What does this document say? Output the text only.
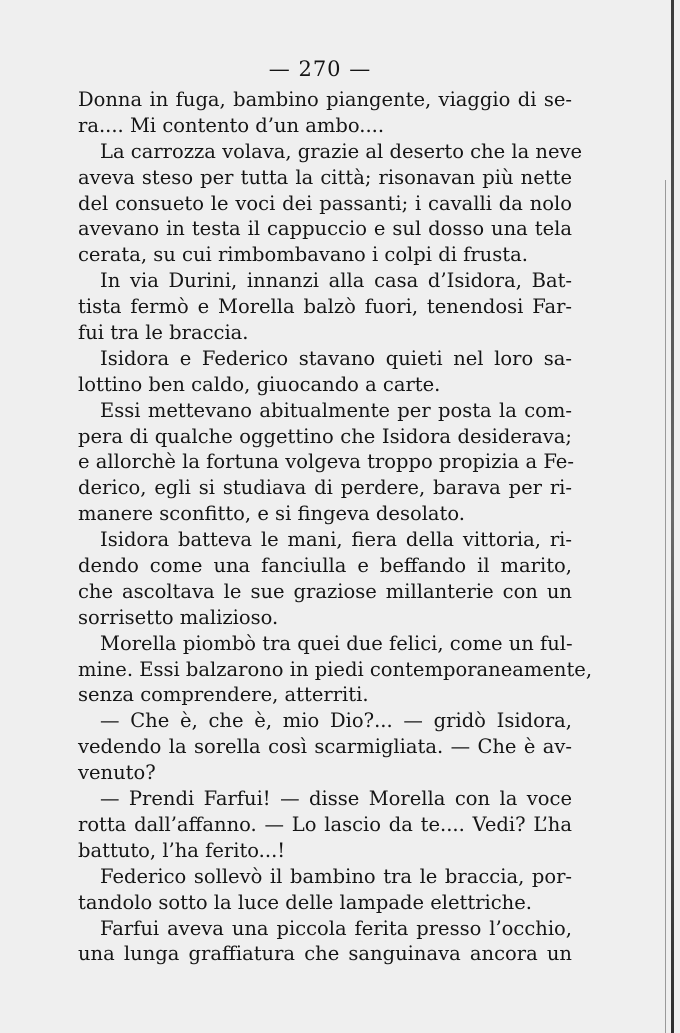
— 270 —
Donna in fuga, bambino piangente, viaggio di se-
ra.... Mi contento d’un ambo....
La carrozza volava, grazie al deserto che la neve
aveva steso per tutta la città; risonavan più nette
del consueto le voci dei passanti; i cavalli da nolo
avevano in testa il cappuccio e sul dosso una tela
cerata, su cui rimbombavano i colpi di frusta.
In via Durini, innanzi alla casa d’Isidora, Bat-
tista fermò e Morella balzò fuori, tenendosi Far-
fui tra le braccia.
Isidora e Federico stavano quieti nel loro sa-
lottino ben caldo, giuocando a carte.
Essi mettevano abitualmente per posta la com-
pera di qualche oggettino che Isidora desiderava;
e allorchè la fortuna volgeva troppo propizia a Fe-
derico, egli si studiava di perdere, barava per ri-
manere sconfitto, e si fingeva desolato.
Isidora batteva le mani, fiera della vittoria, ri-
dendo come una fanciulla e beffando il marito,
che ascoltava le sue graziose millanterie con un
sorrisetto malizioso.
Morella piombò tra quei due felici, come un ful-
mine. Essi balzarono in piedi contemporaneamente,
senza comprendere, atterriti.
— Che è, che è, mio Dio?... — gridò Isidora,
vedendo la sorella così scarmigliata. — Che è av-
venuto?
— Prendi Farfui! — disse Morella con la voce
rotta dall’affanno. — Lo lascio da te.... Vedi? L’ha
battuto, l’ha ferito...!
Federico sollevò il bambino tra le braccia, por-
tandolo sotto la luce delle lampade elettriche.
Farfui aveva una piccola ferita presso l’occhio,
una lunga graffiatura che sanguinava ancora un
